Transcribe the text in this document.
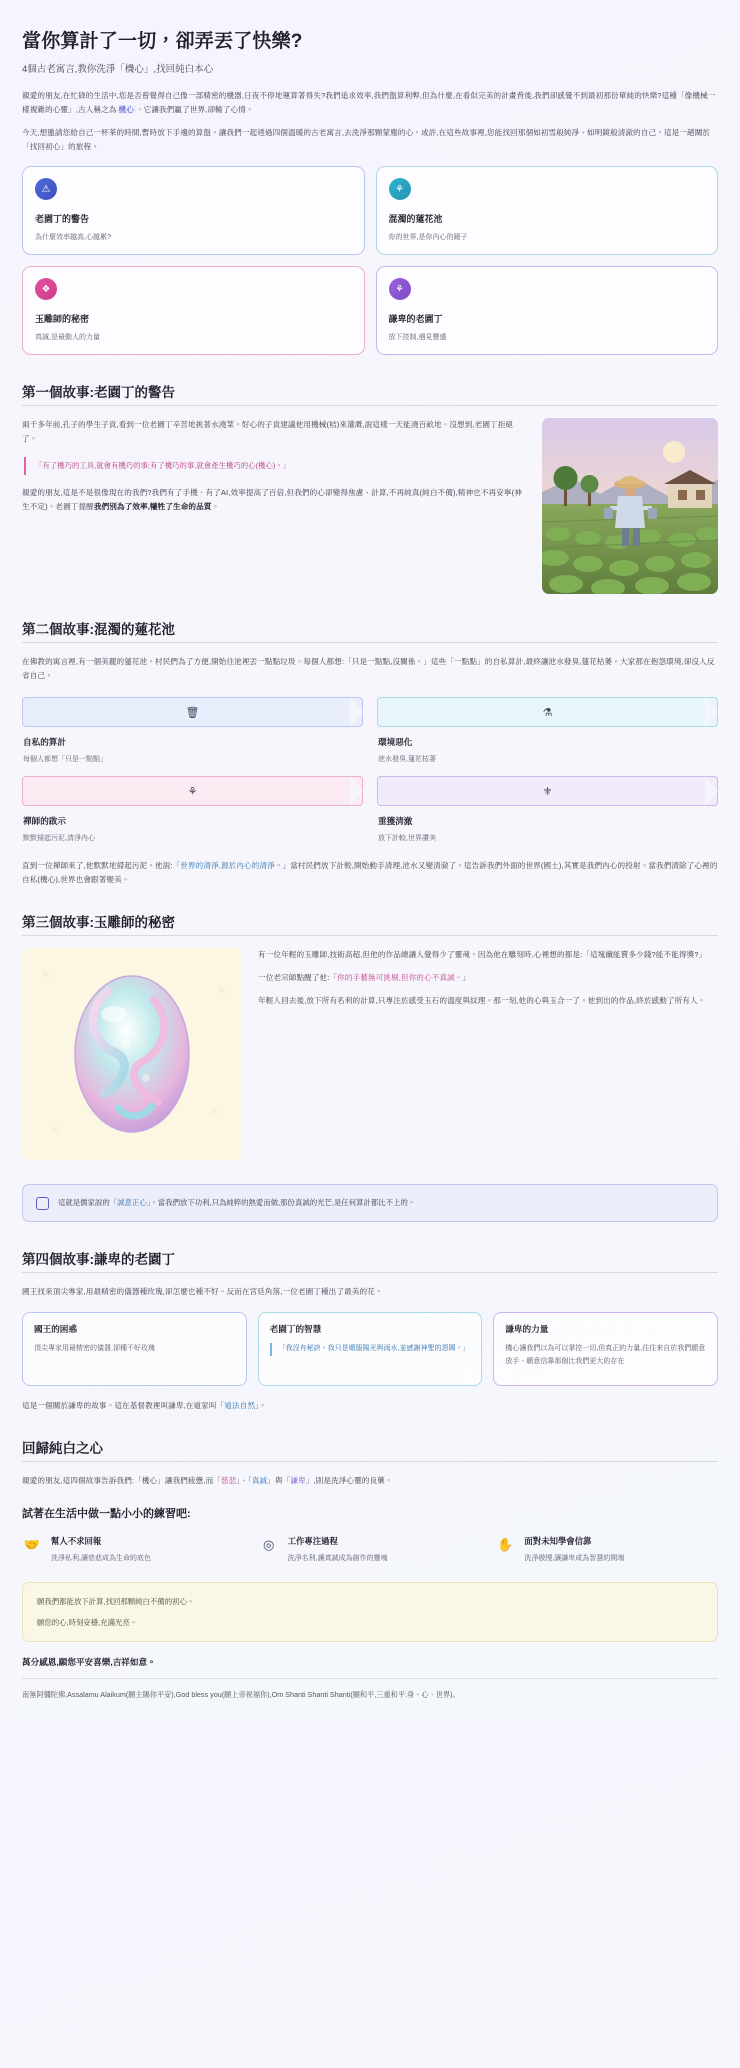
當你算計了一切，卻弄丟了快樂?
4個古老寓言,教你洗淨「機心」,找回純白本心

親愛的朋友,在忙碌的生活中,您是否曾覺得自己像一部精密的機器,日夜不停地運算著得失?我們追求效率,我們盤算利弊,但為什麼,在看似完美的計畫背後,我們卻感覺不到最初那份單純的快樂?這種「像機械一樣複雜的心靈」,古人稱之為 機心 。它讓我們贏了世界,卻輸了心情。

今天,想邀請您給自己一杯茶的時間,暫時放下手邊的算盤。讓我們一起透過四個溫暖的古老寓言,去洗淨那顆蒙塵的心。或許,在這些故事裡,您能找回那個如初雪般純淨、如明鏡般清澈的自己。這是一趟關於「找回初心」的旅程。

⚠
老園丁的警告
為什麼效率越高,心越累?
⚘
混濁的蓮花池
你的世界,是你內心的鏡子
❖
玉雕師的秘密
真誠,是最動人的力量
⚘
謙卑的老園丁
放下控制,遇見豐盛
第一個故事:老園丁的警告

兩千多年前,孔子的學生子貢,看到一位老園丁辛苦地挑著水澆菜。好心的子貢建議他用機械(桔)來灌溉,說這樣一天能澆百畝地。沒想到,老園丁拒絕了。

「有了機巧的工具,就會有機巧的事;有了機巧的事,就會產生機巧的心(機心)。」

親愛的朋友,這是不是很像現在的我們?我們有了手機、有了AI,效率提高了百倍,但我們的心卻變得焦慮、計算,不再純真(純白不備),精神也不再安寧(神生不定)。老園丁提醒我們別為了效率,犧牲了生命的品質。

第二個故事:混濁的蓮花池

在佛教的寓言裡,有一個美麗的蓮花池。村民們為了方便,開始往池裡丟一點點垃圾。每個人都想:「只是一點點,沒關係。」這些「一點點」的自私算計,最終讓池水發臭,蓮花枯萎。大家都在抱怨環境,卻沒人反省自己。

🗑
自私的算計
每個人都想「只是一點點」
⚗
環境惡化
池水發臭,蓮花枯萎
⚘
禪師的啟示
默默掃起污泥,清淨內心
⚜
重獲清澈
放下計較,世界讚美

直到一位禪師來了,他默默地掃起污泥。他說:「世界的清淨,源於內心的清淨。」當村民們放下計較,開始動手清理,池水又變清澈了。這告訴我們外面的世界(國土),其實是我們內心的投射。當我們清除了心裡的自私(機心),世界也會跟著變美。

第三個故事:玉雕師的秘密

有一位年輕的玉雕師,技術高超,但他的作品總讓人覺得少了靈魂。因為他在雕刻時,心裡想的都是:「這塊纖能賣多少錢?能不能得獎?」

一位老宗師點醒了他:「你的手藝無可挑剔,但你的心不真誠。」

年輕人回去後,放下所有名利的計算,只專注於感受玉石的溫度與紋理。那一刻,他的心與玉合一了。他到出的作品,終於感動了所有人。

這就是儒家說的「誠意正心」。當我們放下功利,只為純粹的熱愛而做,那份真誠的光芒,是任何算計都比不上的。
第四個故事:謙卑的老園丁

國王找來頂尖專家,用最精密的儀器種玫瑰,卻怎麼也種不好。反而在宮廷角落,一位老園丁種出了最美的花。

國王的困惑
頂尖專家用最精密的儀器,卻種不好玫瑰
老園丁的智慧
「我沒有秘訣。我只是順服陽光與雨水,並感謝神聖的恩賜。」
謙卑的力量
機心讓我們以為可以掌控一切,但真正的力量,往往來自於我們願意放手、願意信靠那個比我們更大的存在

這是一個關於謙卑的故事。這在基督教裡叫謙卑,在道家叫「道法自然」。

回歸純白之心

親愛的朋友,這四個故事告訴我們:「機心」讓我們疲憊,而「慈悲」、「真誠」與「謙卑」,則是洗淨心靈的良藥。

試著在生活中做一點小小的練習吧:
🤝 幫人不求回報
洗淨私利,讓慈悲成為生命的底色
◎	工作專注過程
洗淨名利,讓真誠成為創作的靈魂
✋ 面對未知學會信靠
洗淨傲慢,讓謙卑成為智慧的開端

願我們都能放下計算,找回那顆純白不備的初心。

願您的心,時刻安穩,充滿光亮。

萬分感恩,願您平安喜樂,吉祥如意。

南無阿彌陀佛,Assalamu Alaikum(願主賜你平安),God bless you(願上帝祝福你),Om Shanti Shanti Shanti(願和平,三重和平:身、心、世界)。
